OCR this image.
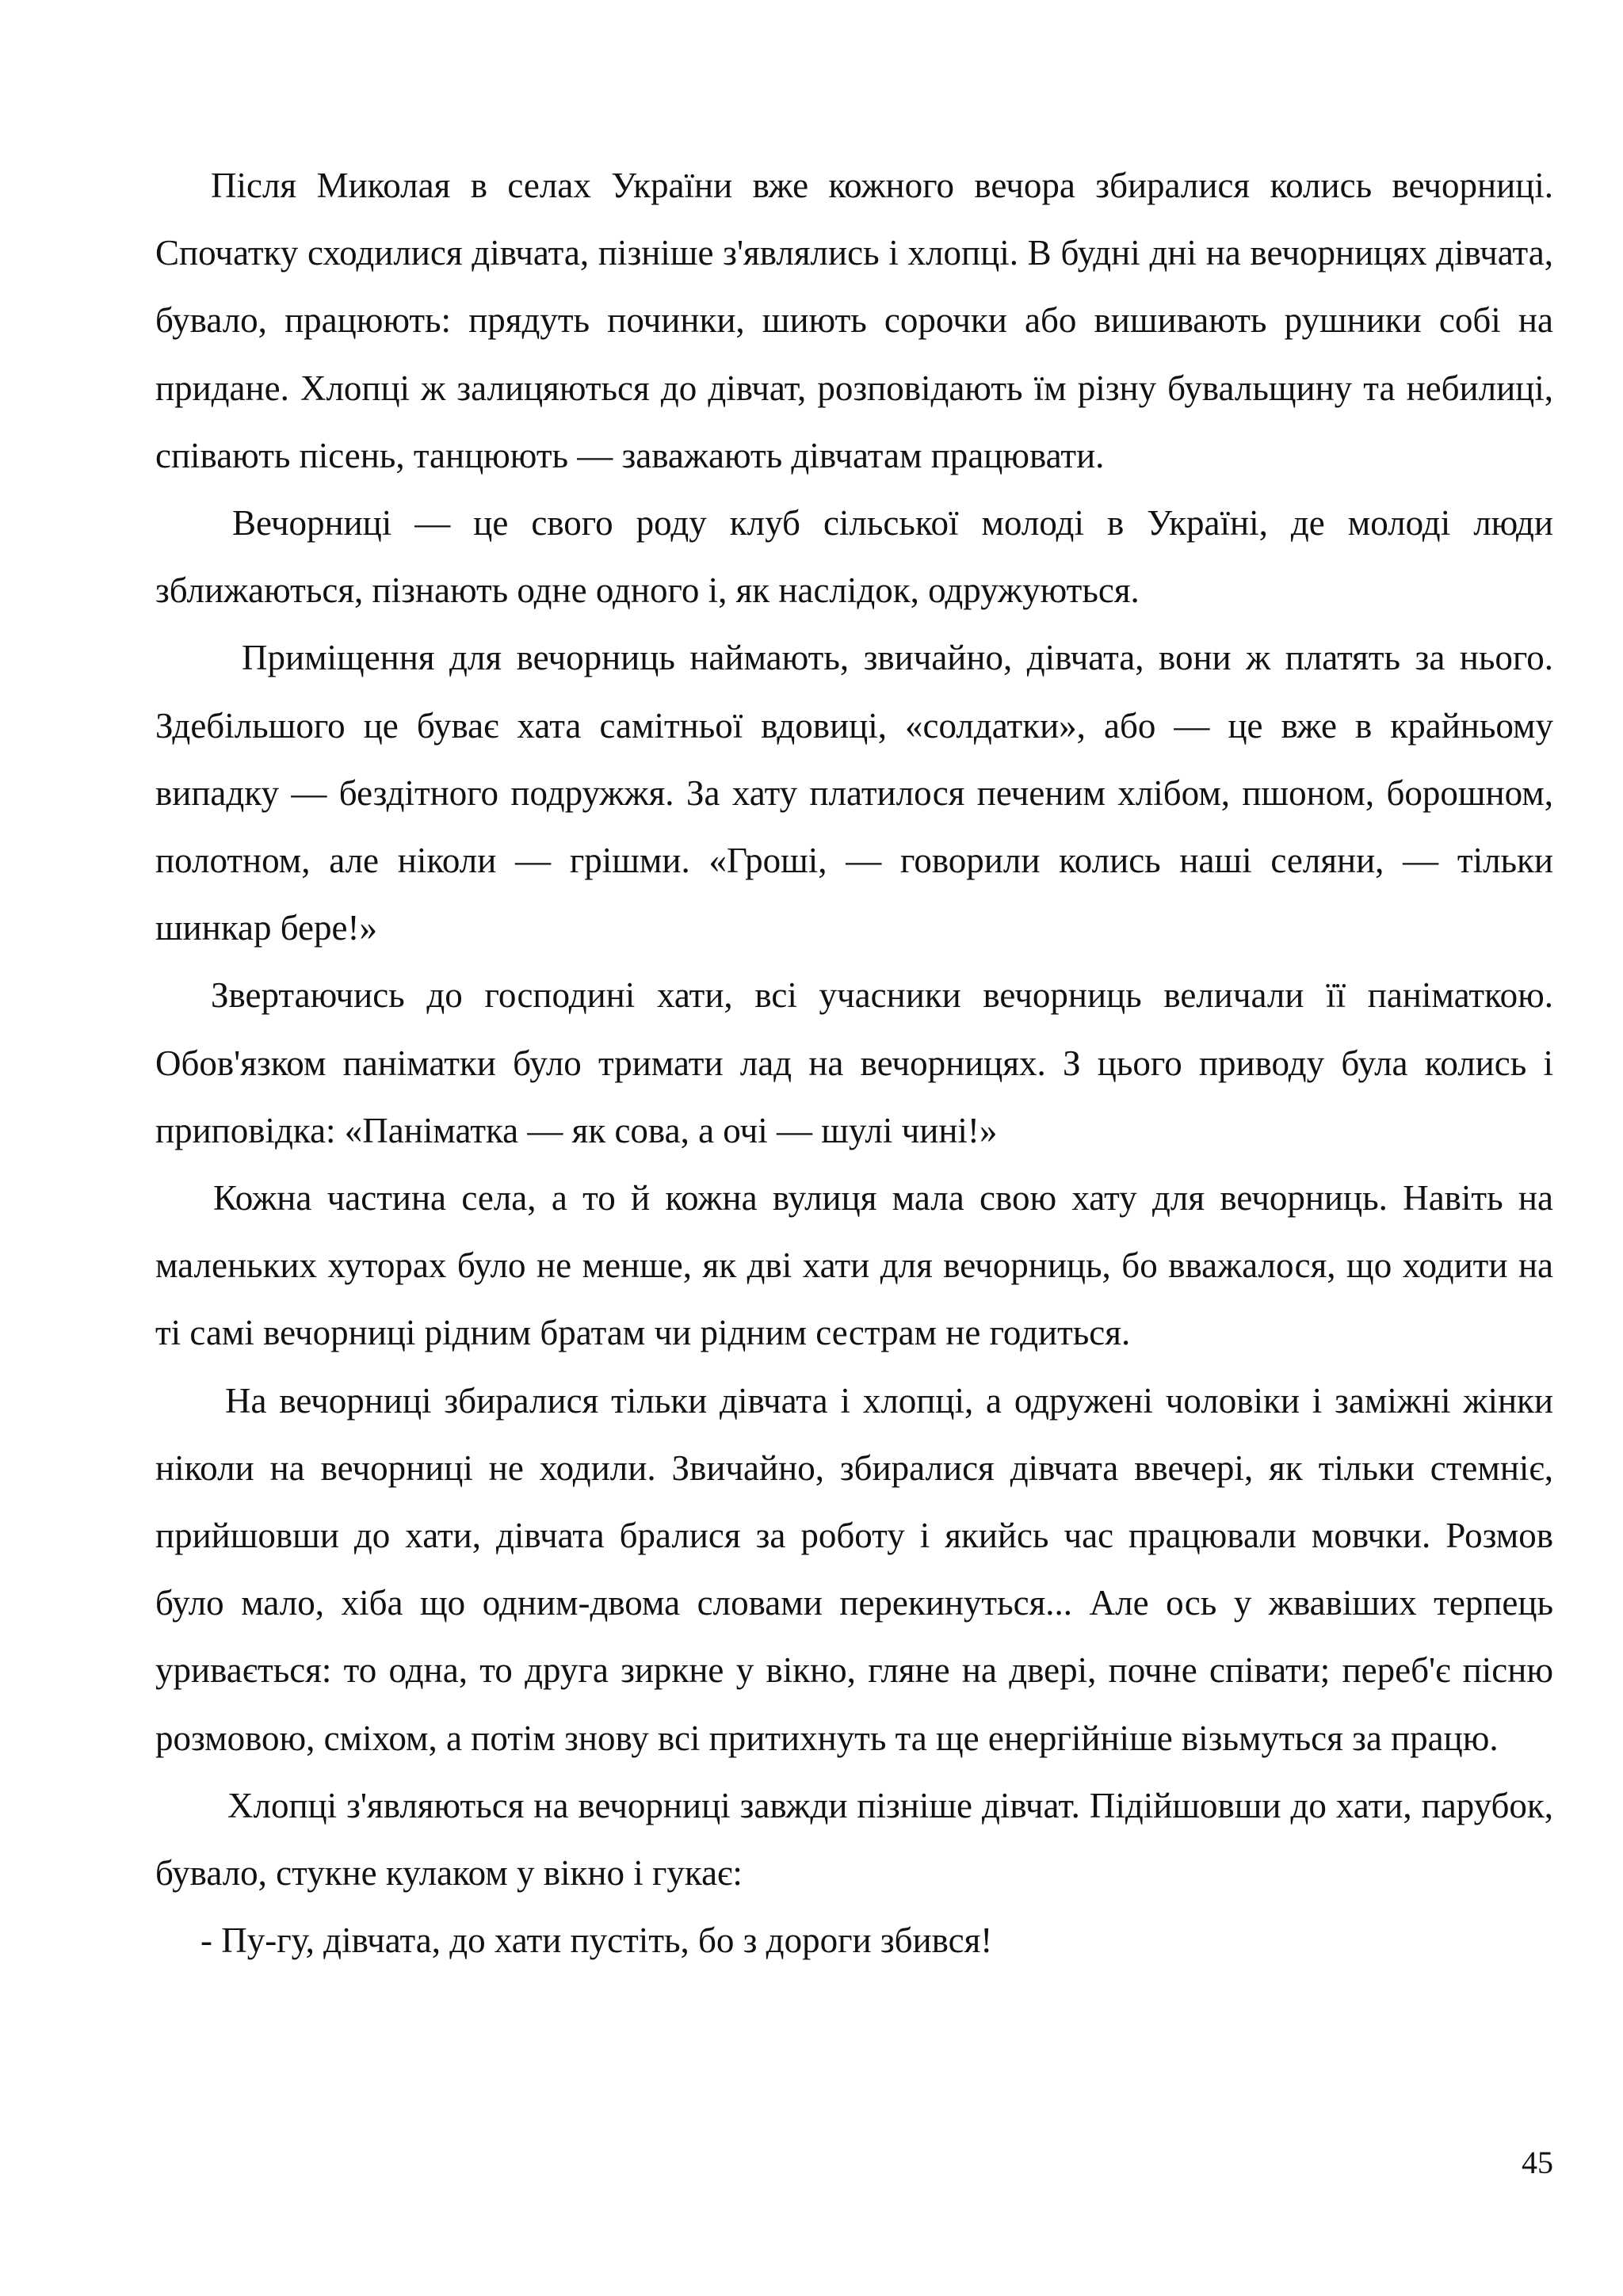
Після Миколая в селах України вже кожного вечора збиралися колись вечорниці. Спочатку сходилися дівчата, пізніше з'являлись і хлопці. В будні дні на вечорницях дівчата, бувало, працюють: прядуть починки, шиють сорочки або вишивають рушники собі на придане. Хлопці ж залицяються до дівчат, розповідають їм різну бувальщину та небилиці, співають пісень, танцюють — заважають дівчатам працювати.

Вечорниці — це свого роду клуб сільської молоді в Україні, де молоді люди зближаються, пізнають одне одного і, як наслідок, одружуються.

Приміщення для вечорниць наймають, звичайно, дівчата, вони ж платять за нього. Здебільшого це буває хата самітньої вдовиці, «солдатки», або — це вже в крайньому випадку — бездітного подружжя. За хату платилося печеним хлібом, пшоном, борошном, полотном, але ніколи — грішми. «Гроші, — говорили колись наші селяни, — тільки шинкар бере!»

Звертаючись до господині хати, всі учасники вечорниць величали її паніматкою. Обов'язком паніматки було тримати лад на вечорницях. З цього приводу була колись і приповідка: «Паніматка — як сова, а очі — шулі чині!»

Кожна частина села, а то й кожна вулиця мала свою хату для вечорниць. Навіть на маленьких хуторах було не менше, як дві хати для вечорниць, бо вважалося, що ходити на ті самі вечорниці рідним братам чи рідним сестрам не годиться.

На вечорниці збиралися тільки дівчата і хлопці, а одружені чоловіки і заміжні жінки ніколи на вечорниці не ходили. Звичайно, збиралися дівчата ввечері, як тільки стемніє, прийшовши до хати, дівчата бралися за роботу і якийсь час працювали мовчки. Розмов було мало, хіба що одним-двома словами перекинуться... Але ось у жвавіших терпець уривається: то одна, то друга зиркне у вікно, гляне на двері, почне співати; переб'є пісню розмовою, сміхом, а потім знову всі притихнуть та ще енергійніше візьмуться за працю.

Хлопці з'являються на вечорниці завжди пізніше дівчат. Підійшовши до хати, парубок, бувало, стукне кулаком у вікно і гукає:

- Пу-гу, дівчата, до хати пустіть, бо з дороги збився!

45
